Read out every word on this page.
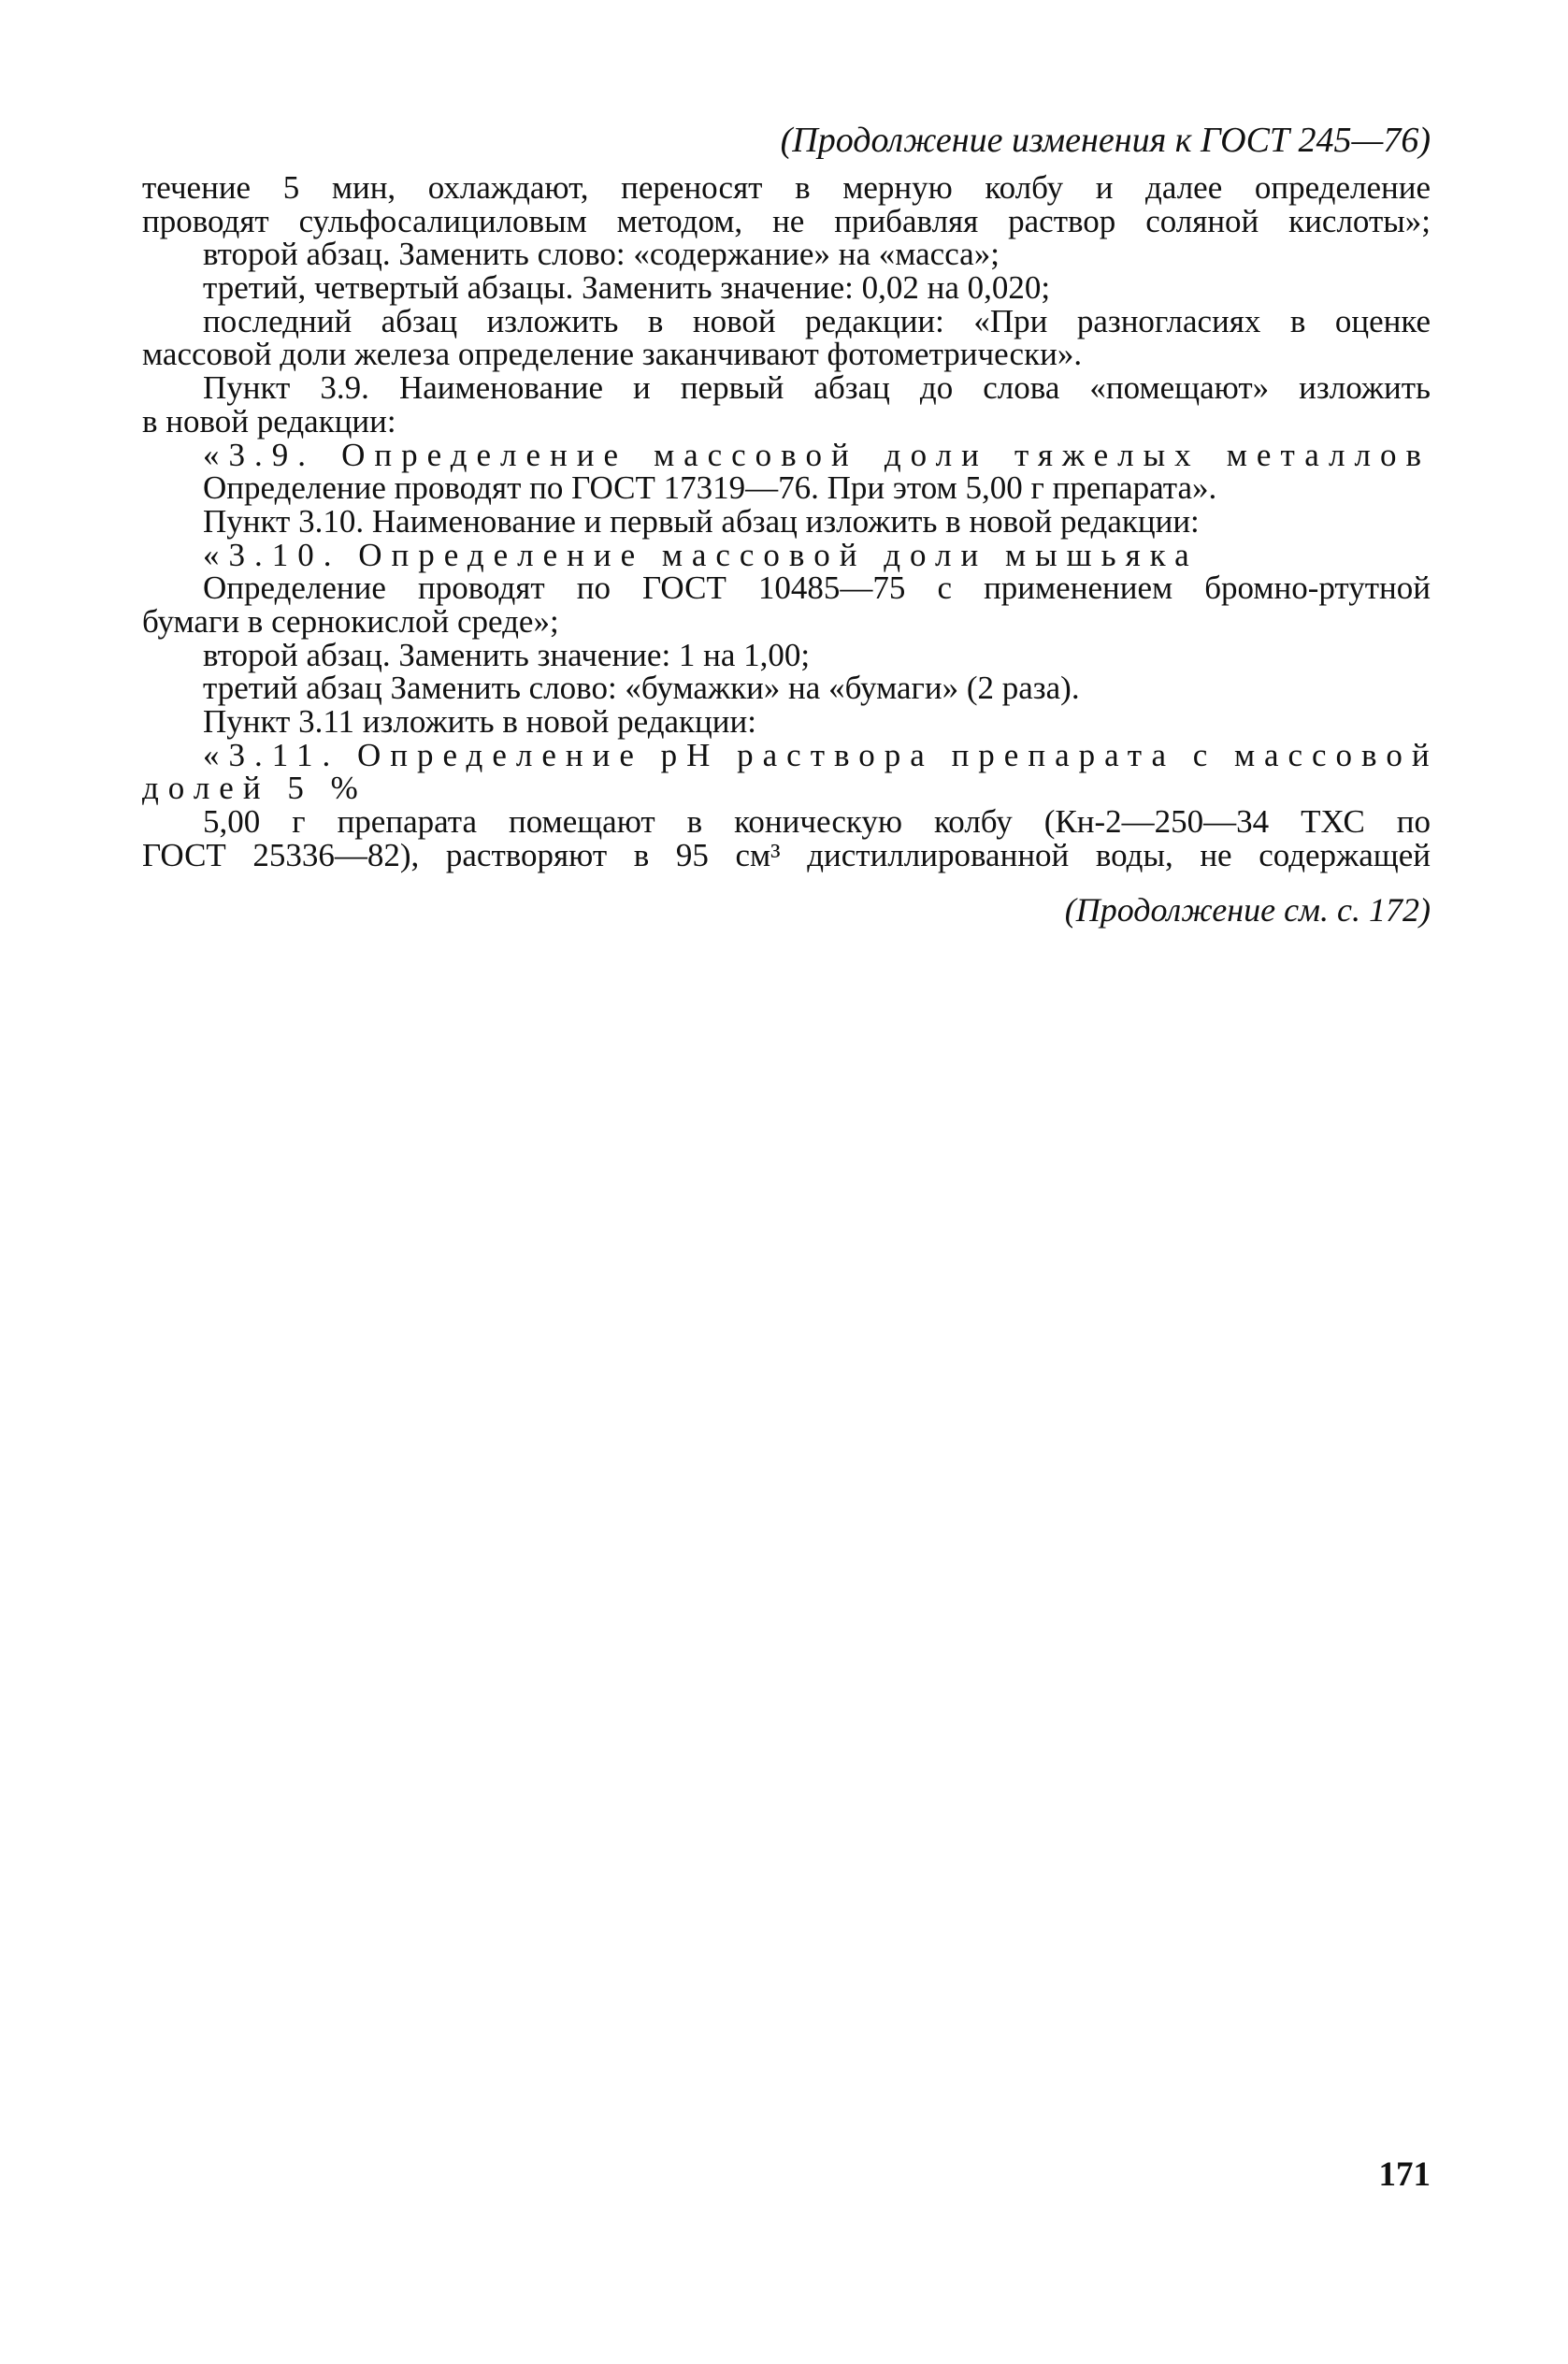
(Продолжение изменения к ГОСТ 245—76)
течение 5 мин, охлаждают, переносят в мерную колбу и далее определение
проводят сульфосалициловым методом, не прибавляя раствор соляной кислоты»;
второй абзац. Заменить слово: «содержание» на «масса»;
третий, четвертый абзацы. Заменить значение: 0,02 на 0,020;
последний абзац изложить в новой редакции: «При разногласиях в оценке
массовой доли железа определение заканчивают фотометрически».
Пункт 3.9. Наименование и первый абзац до слова «помещают» изложить
в новой редакции:
«3.9. Определение массовой доли тяжелых металлов
Определение проводят по ГОСТ 17319—76. При этом 5,00 г препарата».
Пункт 3.10. Наименование и первый абзац изложить в новой редакции:
«3.10. Определение массовой доли мышьяка
Определение проводят по ГОСТ 10485—75 с применением бромно-ртутной
бумаги в сернокислой среде»;
второй абзац. Заменить значение: 1 на 1,00;
третий абзац Заменить слово: «бумажки» на «бумаги» (2 раза).
Пункт 3.11 изложить в новой редакции:
«3.11. Определение pH раствора препарата с массовой
долей 5 %
5,00 г препарата помещают в коническую колбу (Кн-2—250—34 ТХС по
ГОСТ 25336—82), растворяют в 95 см³ дистиллированной воды, не содержащей
(Продолжение см. с. 172)
171
